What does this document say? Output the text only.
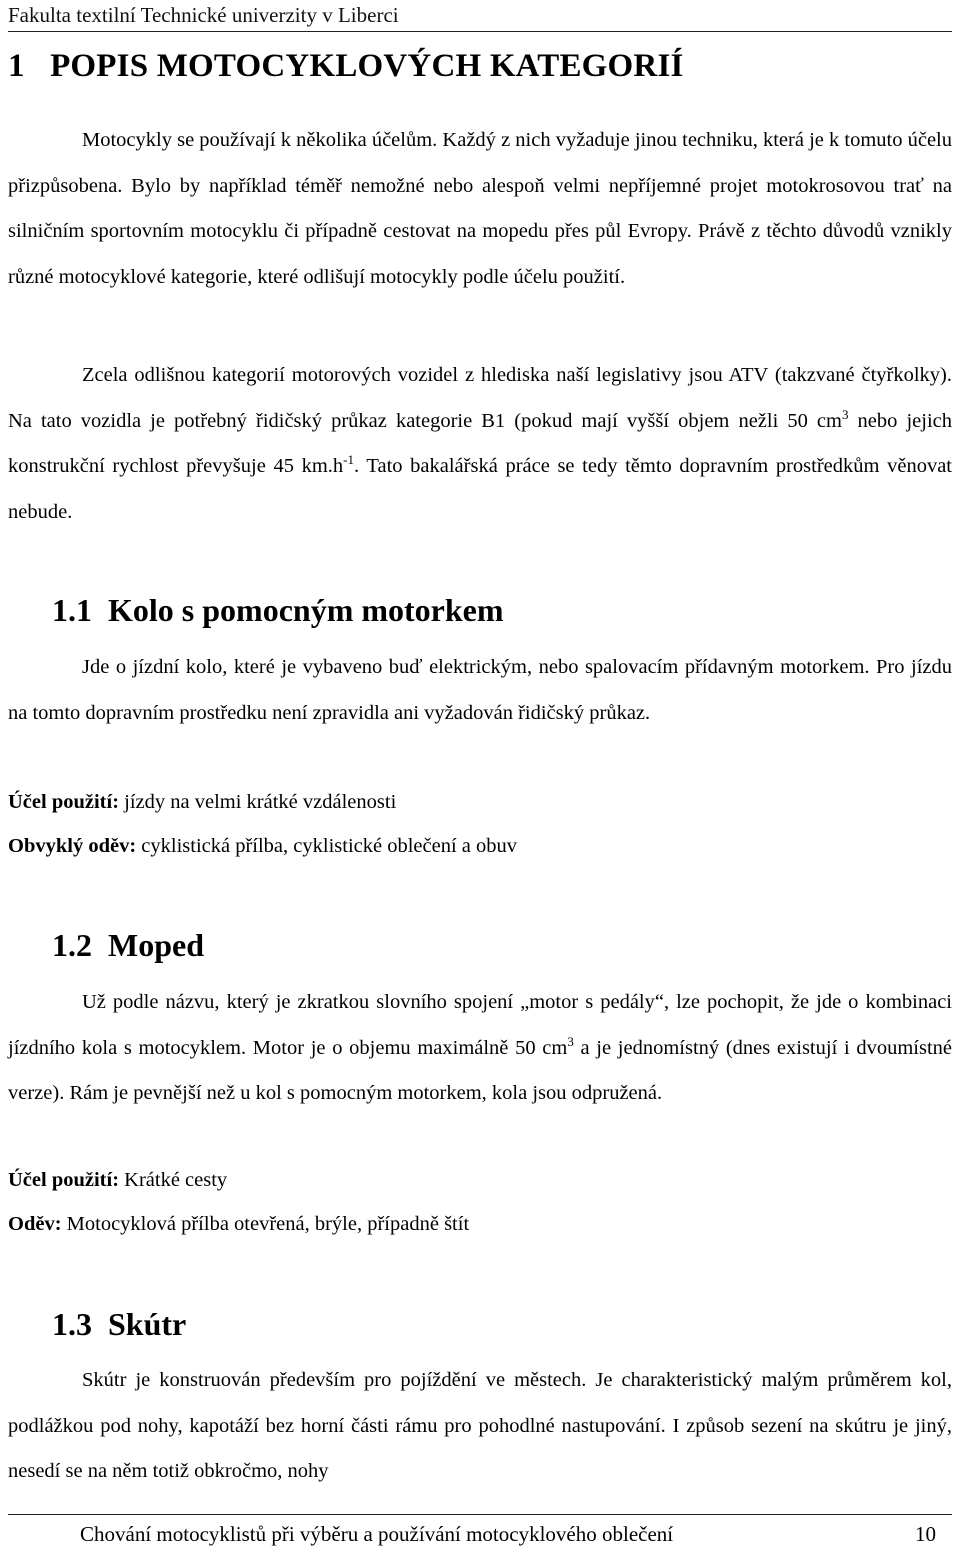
Fakulta textilní Technické univerzity v Liberci
1 POPIS MOTOCYKLOVÝCH KATEGORIÍ

Motocykly se používají k několika účelům. Každý z nich vyžaduje jinou techniku, která je k tomuto účelu přizpůsobena. Bylo by například téměř nemožné nebo alespoň velmi nepříjemné projet motokrosovou trať na silničním sportovním motocyklu či případně cestovat na mopedu přes půl Evropy. Právě z těchto důvodů vznikly různé motocyklové kategorie, které odlišují motocykly podle účelu použití.

Zcela odlišnou kategorií motorových vozidel z hlediska naší legislativy jsou ATV (takzvané čtyřkolky). Na tato vozidla je potřebný řidičský průkaz kategorie B1 (pokud mají vyšší objem nežli 50 $cm^3$ nebo jejich konstrukční rychlost převyšuje 45 $km.h^{-1}$. Tato bakalářská práce se tedy těmto dopravním prostředkům věnovat nebude.

1.1 Kolo s pomocným motorkem

Jde o jízdní kolo, které je vybaveno buď elektrickým, nebo spalovacím přídavným motorkem. Pro jízdu na tomto dopravním prostředku není zpravidla ani vyžadován řidičský průkaz.

Účel použití: jízdy na velmi krátké vzdálenosti

Obvyklý oděv: cyklistická přílba, cyklistické oblečení a obuv

1.2 Moped

Už podle názvu, který je zkratkou slovního spojení „motor s pedály“, lze pochopit, že jde o kombinaci jízdního kola s motocyklem. Motor je o objemu maximálně 50 $cm^3$ a je jednomístný (dnes existují i dvoumístné verze). Rám je pevnější než u kol s pomocným motorkem, kola jsou odpružená.

Účel použití: Krátké cesty

Oděv: Motocyklová přílba otevřená, brýle, případně štít

1.3 Skútr

Skútr je konstruován především pro pojíždění ve městech. Je charakteristický malým průměrem kol, podlážkou pod nohy, kapotáží bez horní části rámu pro pohodlné nastupování. I způsob sezení na skútru je jiný, nesedí se na něm totiž obkročmo, nohy

Chování motocyklistů při výběru a používání motocyklového oblečení	10
